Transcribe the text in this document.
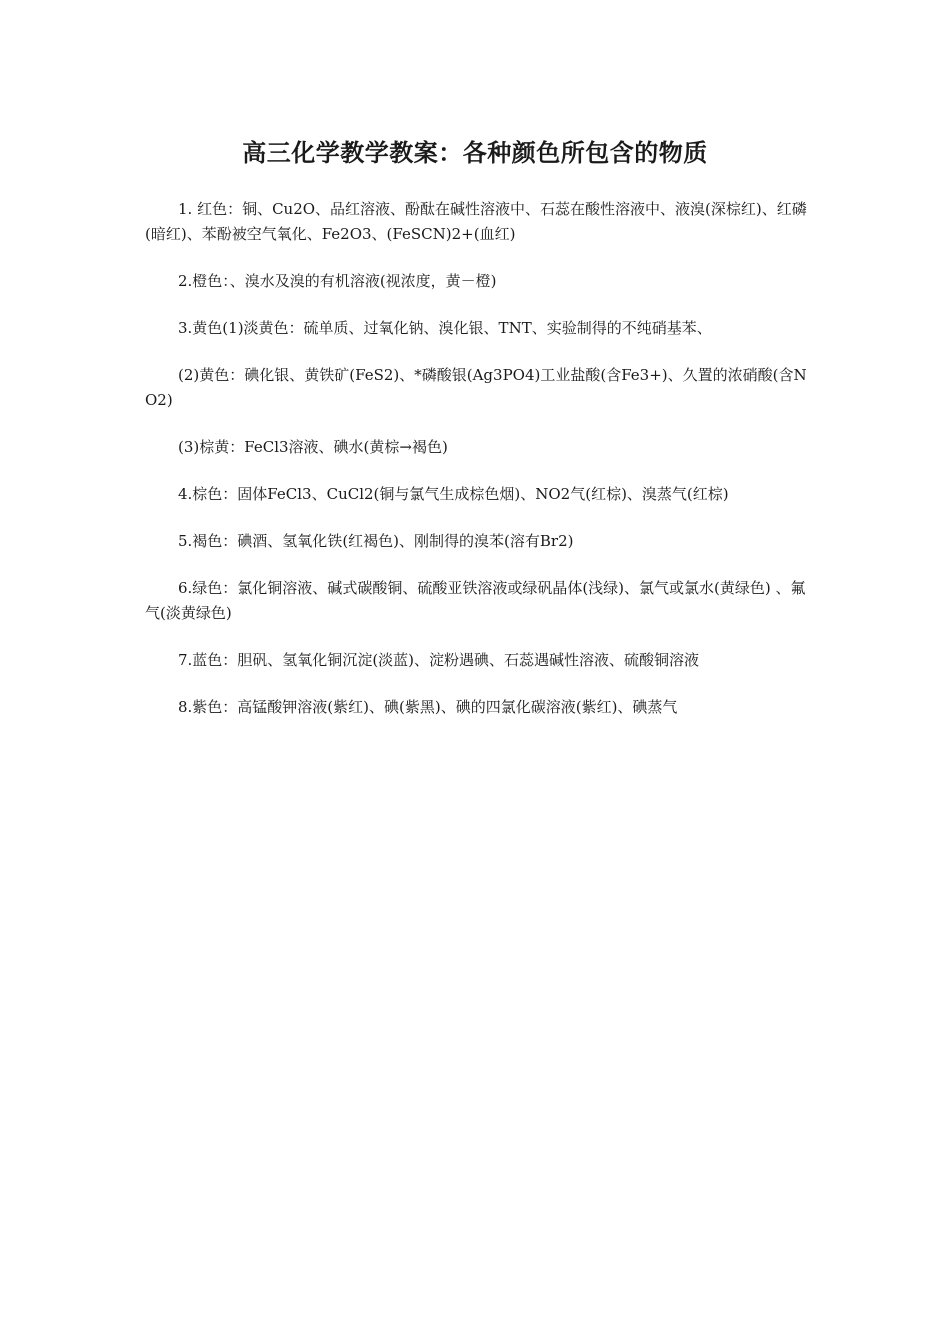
高三化学教学教案：各种颜色所包含的物质

1. 红色：铜、Cu2O、品红溶液、酚酞在碱性溶液中、石蕊在酸性溶液中、液溴(深棕红)、红磷(暗红)、苯酚被空气氧化、Fe2O3、(FeSCN)2+(血红)

2.橙色：、溴水及溴的有机溶液(视浓度，黄－橙)

3.黄色(1)淡黄色：硫单质、过氧化钠、溴化银、TNT、实验制得的不纯硝基苯、

(2)黄色：碘化银、黄铁矿(FeS2)、*磷酸银(Ag3PO4)工业盐酸(含Fe3+)、久置的浓硝酸(含NO2)

(3)棕黄：FeCl3溶液、碘水(黄棕→褐色)

4.棕色：固体FeCl3、CuCl2(铜与氯气生成棕色烟)、NO2气(红棕)、溴蒸气(红棕)

5.褐色：碘酒、氢氧化铁(红褐色)、刚制得的溴苯(溶有Br2)

6.绿色：氯化铜溶液、碱式碳酸铜、硫酸亚铁溶液或绿矾晶体(浅绿)、氯气或氯水(黄绿色) 、氟气(淡黄绿色)

7.蓝色：胆矾、氢氧化铜沉淀(淡蓝)、淀粉遇碘、石蕊遇碱性溶液、硫酸铜溶液

8.紫色：高锰酸钾溶液(紫红)、碘(紫黑)、碘的四氯化碳溶液(紫红)、碘蒸气
